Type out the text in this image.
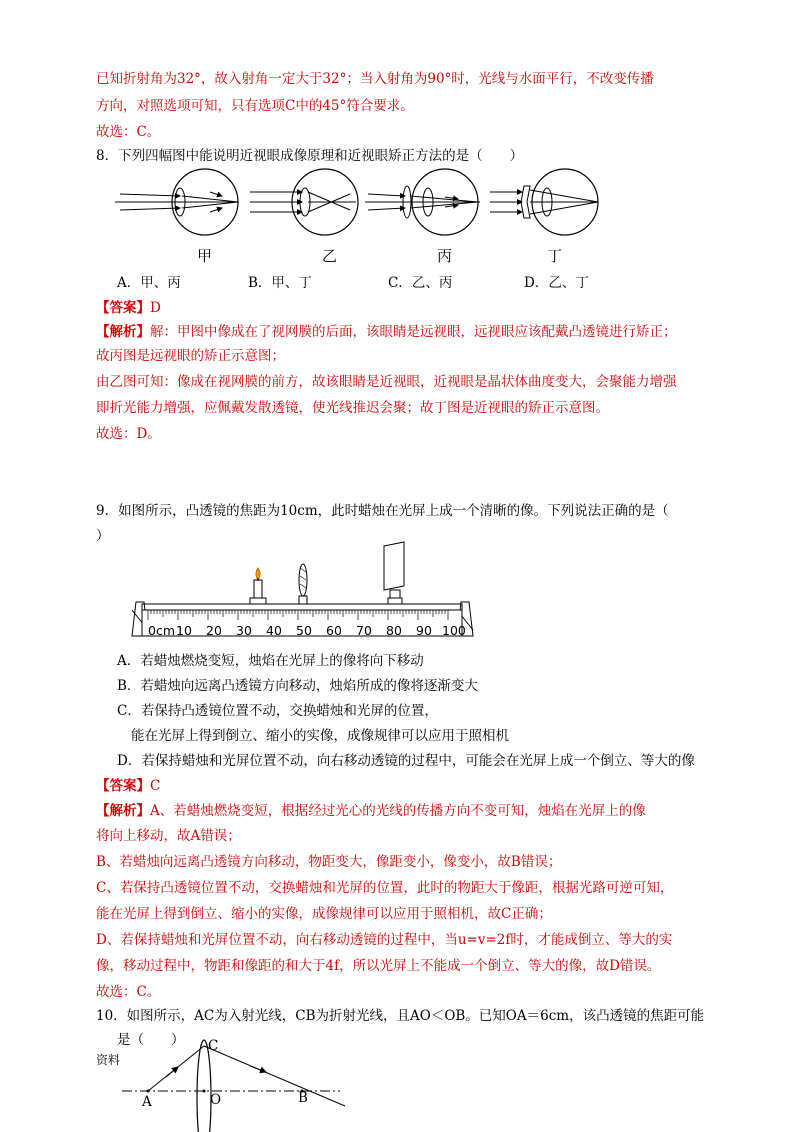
已知折射角为32°，故入射角一定大于32°；当入射角为90°时，光线与水面平行，不改变传播
方向，对照选项可知，只有选项C中的45°符合要求。
故选：C。
8．下列四幅图中能说明近视眼成像原理和近视眼矫正方法的是（　　）
甲	乙	丙	丁
A．甲、丙	B．甲、丁	C．乙、丙	D．乙、丁
【答案】D
【解析】解：甲图中像成在了视网膜的后面，该眼睛是远视眼，远视眼应该配戴凸透镜进行矫正；
故丙图是远视眼的矫正示意图；
由乙图可知：像成在视网膜的前方，故该眼睛是近视眼，近视眼是晶状体曲度变大，会聚能力增强
即折光能力增强，应佩戴发散透镜，使光线推迟会聚；故丁图是近视眼的矫正示意图。
故选：D。
9．如图所示，凸透镜的焦距为10cm，此时蜡烛在光屏上成一个清晰的像。下列说法正确的是（
）
0cm 10 20 30 40 50 60 70 80 90 100
A．若蜡烛燃烧变短，烛焰在光屏上的像将向下移动
B．若蜡烛向远离凸透镜方向移动，烛焰所成的像将逐渐变大
C．若保持凸透镜位置不动，交换蜡烛和光屏的位置，
能在光屏上得到倒立、缩小的实像，成像规律可以应用于照相机
D．若保持蜡烛和光屏位置不动，向右移动透镜的过程中，可能会在光屏上成一个倒立、等大的像
【答案】C
【解析】A、若蜡烛燃烧变短，根据经过光心的光线的传播方向不变可知，烛焰在光屏上的像
将向上移动，故A错误；
B、若蜡烛向远离凸透镜方向移动，物距变大，像距变小，像变小，故B错误；
C、若保持凸透镜位置不动，交换蜡烛和光屏的位置，此时的物距大于像距，根据光路可逆可知，
能在光屏上得到倒立、缩小的实像，成像规律可以应用于照相机，故C正确；
D、若保持蜡烛和光屏位置不动，向右移动透镜的过程中，当u=v=2f时，才能成倒立、等大的实
像，移动过程中，物距和像距的和大于4f，所以光屏上不能成一个倒立、等大的像，故D错误。
故选：C。
10．如图所示，AC为入射光线，CB为折射光线，且AO＜OB。已知OA＝6cm，该凸透镜的焦距可能
是（　　）
资料
A	O	B
C
